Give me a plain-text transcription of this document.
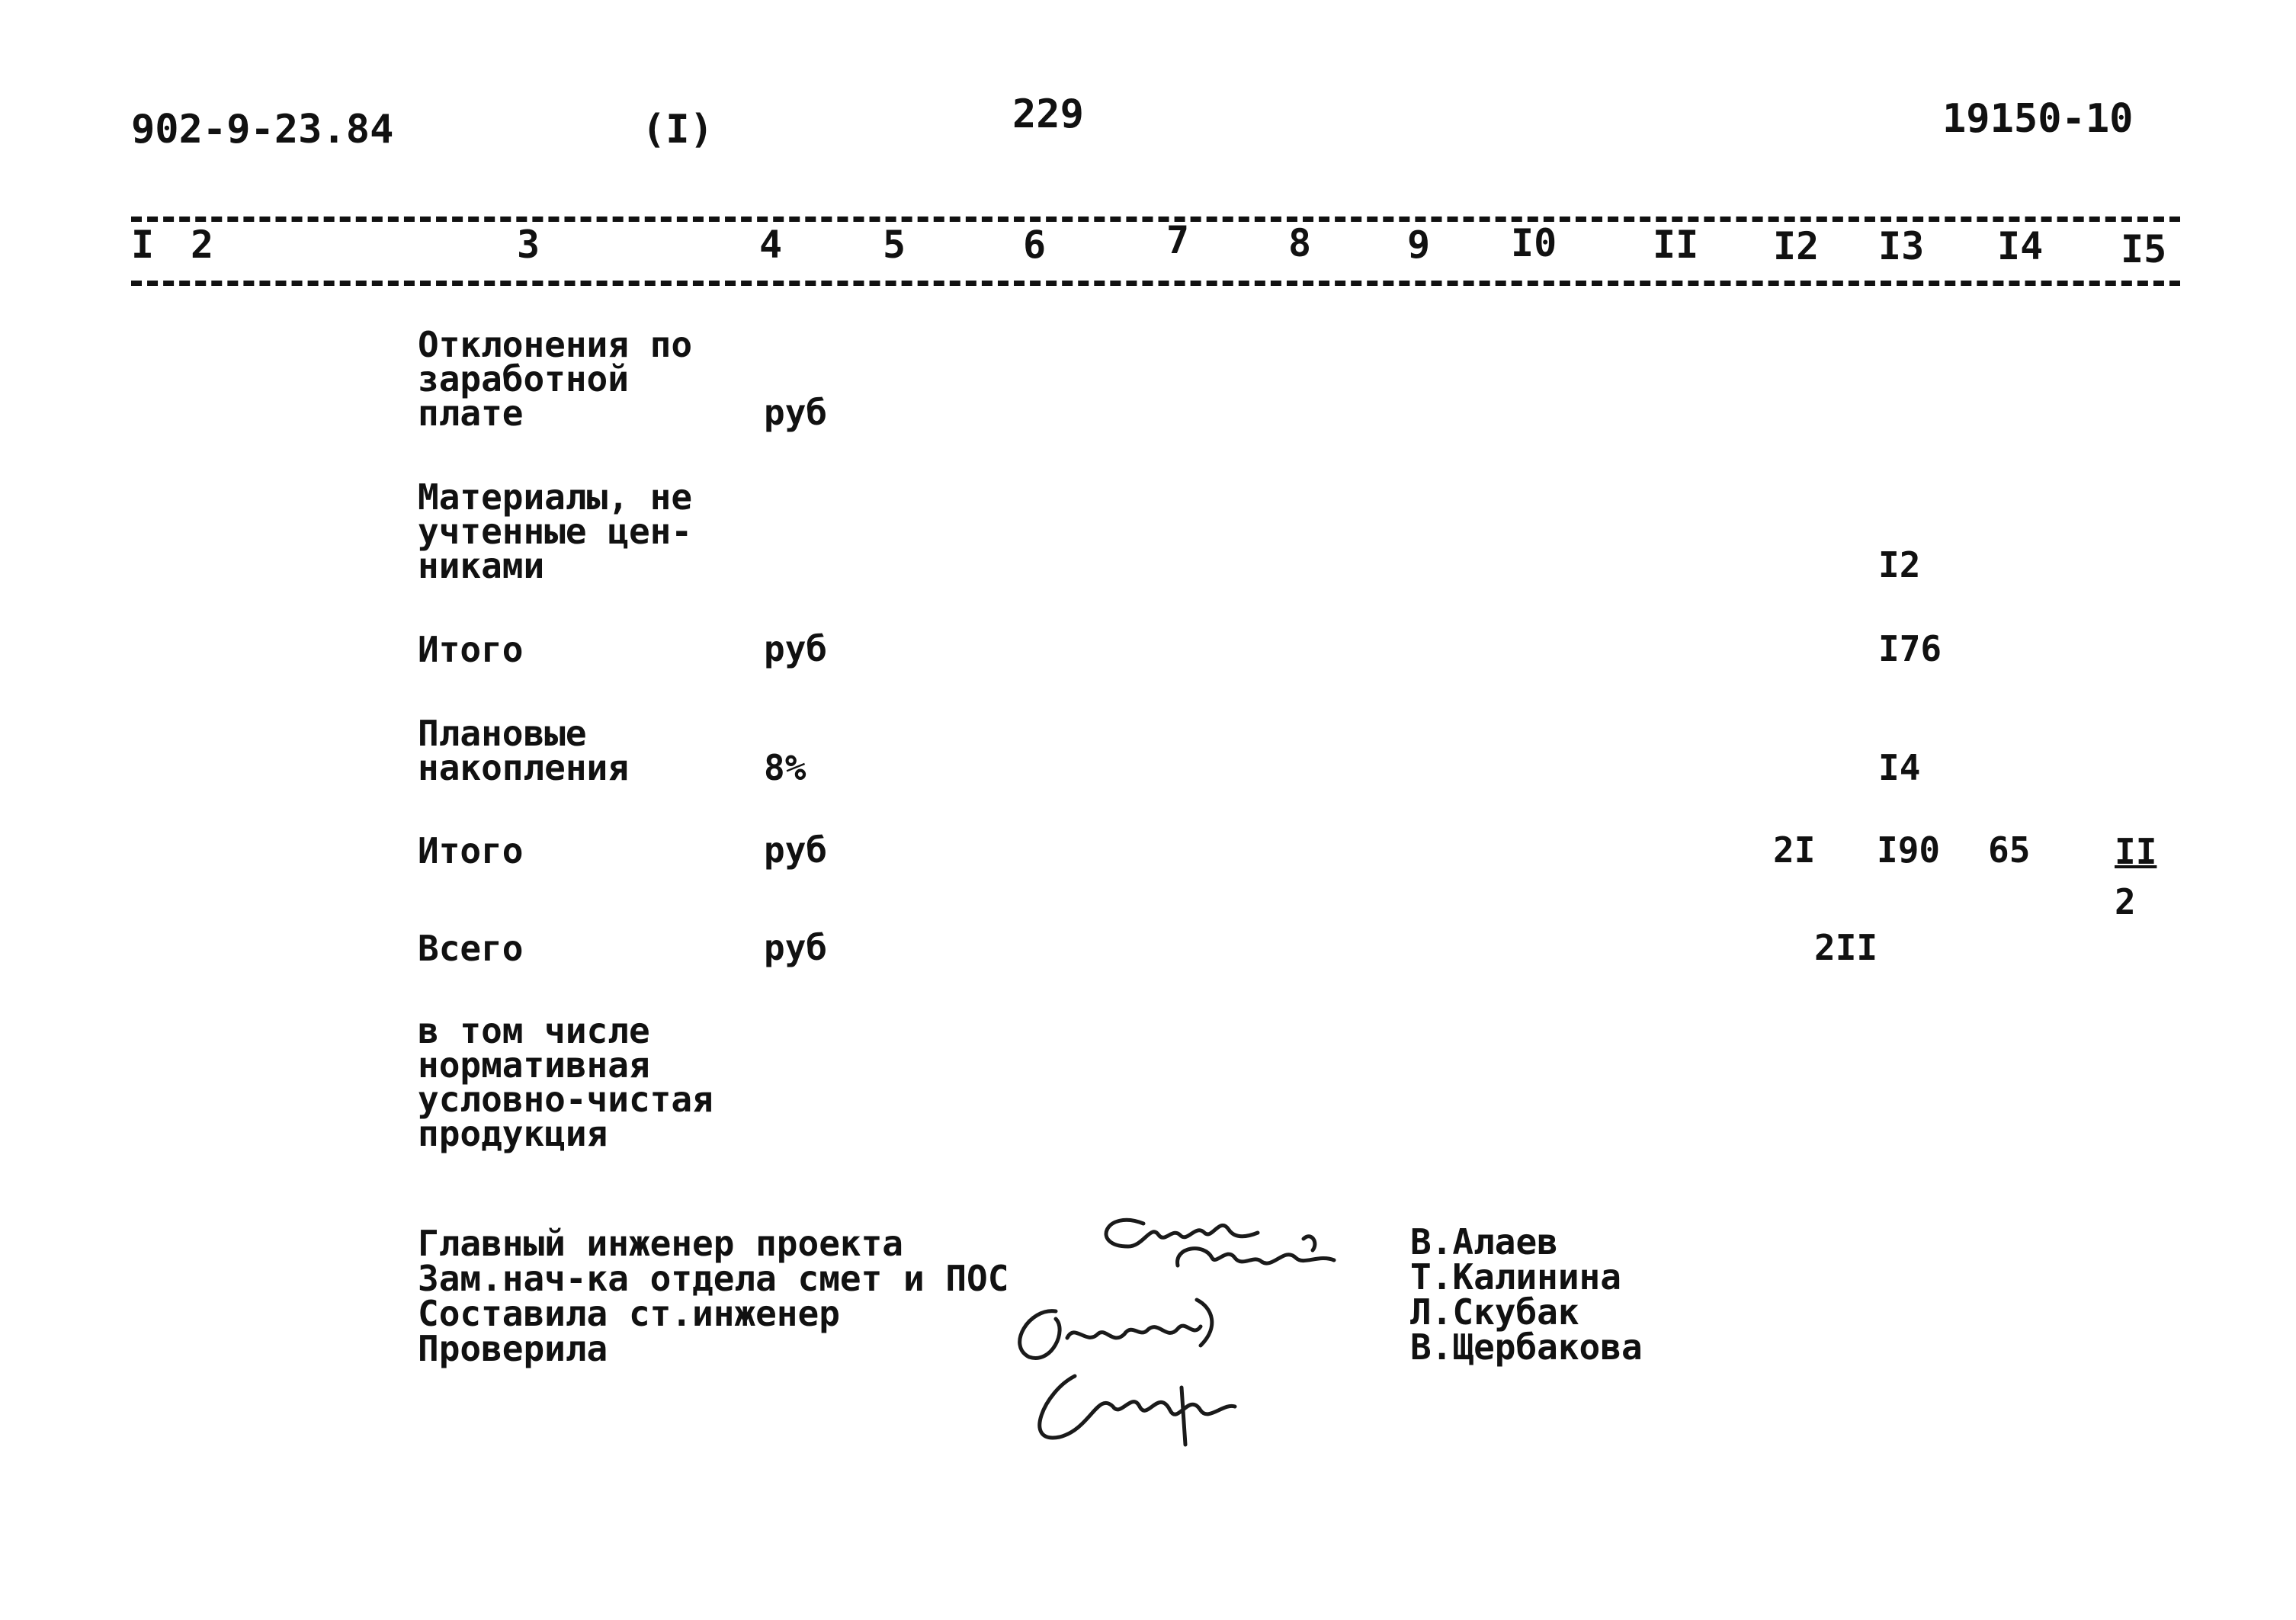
902-9-23.84	(I)	229	19150-10
I 2	3	4	5	6	7	8	9 I0	II I2 I3 I4 I5
Отклонения по
заработной
плате	руб
Материалы, не
учтенные цен-
никами	I2
Итого	руб	I76
Плановые
накопления	8%	I4
Итого	руб	2I I90 65 II
2
Всего	руб	2II
в том числе
нормативная
условно-чистая
продукция
Главный инженер проекта
Зам.нач-ка отдела смет и ПОС
Составила ст.инженер
Проверила
В.Алаев
Т.Калинина
Л.Скубак
В.Щербакова
